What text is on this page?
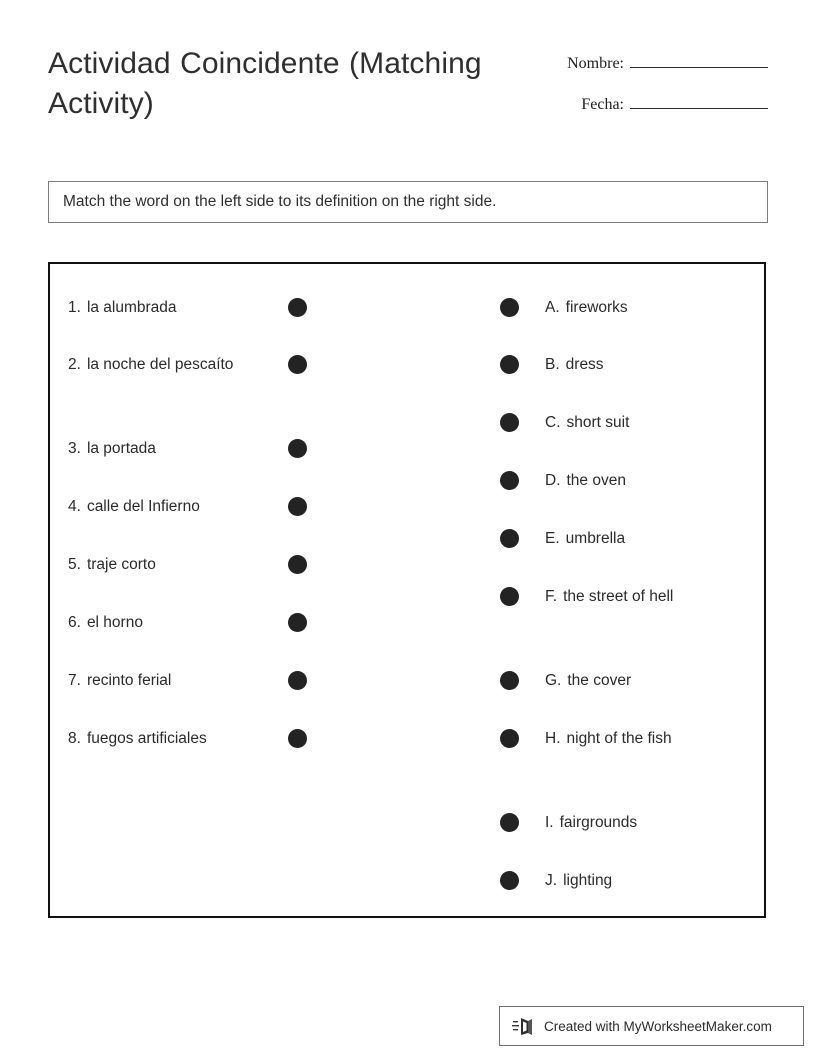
Actividad Coincidente (Matching Activity)
Nombre:
Fecha:
Match the word on the left side to its definition on the right side.
1. la alumbrada
2. la noche del pescaíto
3. la portada
4. calle del Infierno
5. traje corto
6. el horno
7. recinto ferial
8. fuegos artificiales
A. fireworks
B. dress
C. short suit
D. the oven
E. umbrella
F. the street of hell
G. the cover
H. night of the fish
I. fairgrounds
J. lighting
Created with MyWorksheetMaker.com
